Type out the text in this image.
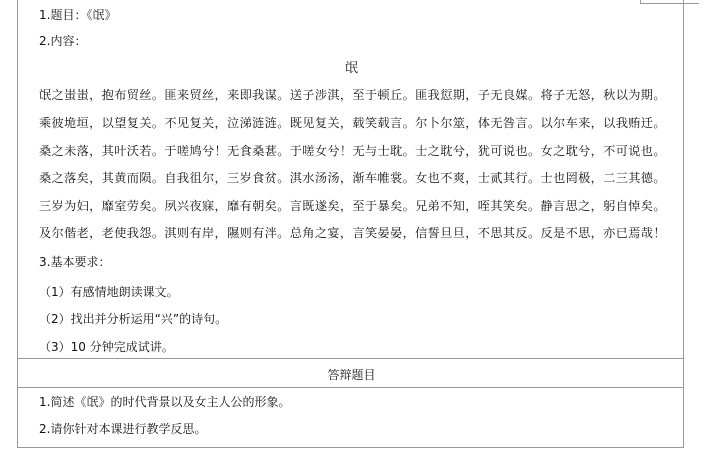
1.题目：《氓》
2.内容：
氓
氓之蚩蚩，抱布贸丝。匪来贸丝，来即我谋。送子涉淇，至于顿丘。匪我愆期，子无良媒。将子无怒，秋以为期。
乘彼垝垣，以望复关。不见复关，泣涕涟涟。既见复关，载笑载言。尔卜尔筮，体无咎言。以尔车来，以我贿迁。
桑之未落，其叶沃若。于嗟鸠兮！无食桑葚。于嗟女兮！无与士耽。士之耽兮，犹可说也。女之耽兮，不可说也。
桑之落矣，其黄而陨。自我徂尔，三岁食贫。淇水汤汤，渐车帷裳。女也不爽，士贰其行。士也罔极，二三其德。
三岁为妇，靡室劳矣。夙兴夜寐，靡有朝矣。言既遂矣，至于暴矣。兄弟不知，咥其笑矣。静言思之，躬自悼矣。
及尔偕老，老使我怨。淇则有岸，隰则有泮。总角之宴，言笑晏晏，信誓旦旦，不思其反。反是不思，亦已焉哉！
3.基本要求：
（1）有感情地朗读课文。
（2）找出并分析运用“兴”的诗句。
（3）10 分钟完成试讲。
答辩题目
1.简述《氓》的时代背景以及女主人公的形象。
2.请你针对本课进行教学反思。
